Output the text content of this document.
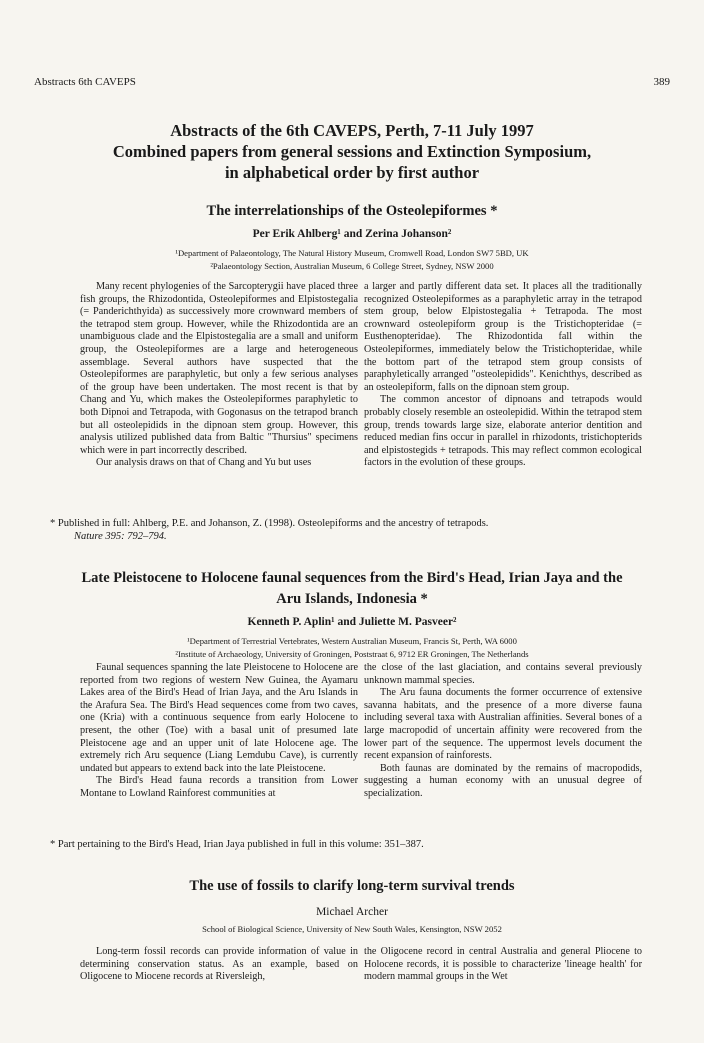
Abstracts 6th CAVEPS	389
Abstracts of the 6th CAVEPS, Perth, 7-11 July 1997
Combined papers from general sessions and Extinction Symposium,
in alphabetical order by first author
The interrelationships of the Osteolepiformes *
Per Erik Ahlberg¹ and Zerina Johanson²
¹Department of Palaeontology, The Natural History Museum, Cromwell Road, London SW7 5BD, UK
²Palaeontology Section, Australian Museum, 6 College Street, Sydney, NSW 2000

Many recent phylogenies of the Sarcopterygii have placed three fish groups, the Rhizodontida, Osteolepiformes and Elpistostegalia (= Panderichthyida) as successively more crownward members of the tetrapod stem group. However, while the Rhizodontida are an unambiguous clade and the Elpistostegalia are a small and uniform group, the Osteolepiformes are a large and heterogeneous assemblage. Several authors have suspected that the Osteolepiformes are paraphyletic, but only a few serious analyses of the group have been undertaken. The most recent is that by Chang and Yu, which makes the Osteolepiformes paraphyletic to both Dipnoi and Tetrapoda, with Gogonasus on the tetrapod branch but all osteolepidids in the dipnoan stem group. However, this analysis utilized published data from Baltic "Thursius" specimens which were in part incorrectly described.

Our analysis draws on that of Chang and Yu but uses

a larger and partly different data set. It places all the traditionally recognized Osteolepiformes as a paraphyletic array in the tetrapod stem group, below Elpistostegalia + Tetrapoda. The most crownward osteolepiform group is the Tristichopteridae (= Eusthenopteridae). The Rhizodontida fall within the Osteolepiformes, immediately below the Tristichopteridae, while the bottom part of the tetrapod stem group consists of paraphyletically arranged "osteolepidids". Kenichthys, described as an osteolepiform, falls on the dipnoan stem group.

The common ancestor of dipnoans and tetrapods would probably closely resemble an osteolepidid. Within the tetrapod stem group, trends towards large size, elaborate anterior dentition and reduced median fins occur in parallel in rhizodonts, tristichopterids and elpistostegids + tetrapods. This may reflect common ecological factors in the evolution of these groups.

* Published in full: Ahlberg, P.E. and Johanson, Z. (1998). Osteolepiforms and the ancestry of tetrapods.
Nature 395: 792–794.
Late Pleistocene to Holocene faunal sequences from the Bird's Head, Irian Jaya and the
Aru Islands, Indonesia *
Kenneth P. Aplin¹ and Juliette M. Pasveer²
¹Department of Terrestrial Vertebrates, Western Australian Museum, Francis St, Perth, WA 6000
²Institute of Archaeology, University of Groningen, Poststraat 6, 9712 ER Groningen, The Netherlands

Faunal sequences spanning the late Pleistocene to Holocene are reported from two regions of western New Guinea, the Ayamaru Lakes area of the Bird's Head of Irian Jaya, and the Aru Islands in the Arafura Sea. The Bird's Head sequences come from two caves, one (Kria) with a continuous sequence from early Holocene to present, the other (Toe) with a basal unit of presumed late Pleistocene age and an upper unit of late Holocene age. The extremely rich Aru sequence (Liang Lemdubu Cave), is currently undated but appears to extend back into the late Pleistocene.

The Bird's Head fauna records a transition from Lower Montane to Lowland Rainforest communities at

the close of the last glaciation, and contains several previously unknown mammal species.

The Aru fauna documents the former occurrence of extensive savanna habitats, and the presence of a more diverse fauna including several taxa with Australian affinities. Several bones of a large macropodid of uncertain affinity were recovered from the lower part of the sequence. The uppermost levels document the recent expansion of rainforests.

Both faunas are dominated by the remains of macropodids, suggesting a human economy with an unusual degree of specialization.

* Part pertaining to the Bird's Head, Irian Jaya published in full in this volume: 351–387.
The use of fossils to clarify long-term survival trends
Michael Archer
School of Biological Science, University of New South Wales, Kensington, NSW 2052

Long-term fossil records can provide information of value in determining conservation status. As an example, based on Oligocene to Miocene records at Riversleigh,

the Oligocene record in central Australia and general Pliocene to Holocene records, it is possible to characterize 'lineage health' for modern mammal groups in the Wet
